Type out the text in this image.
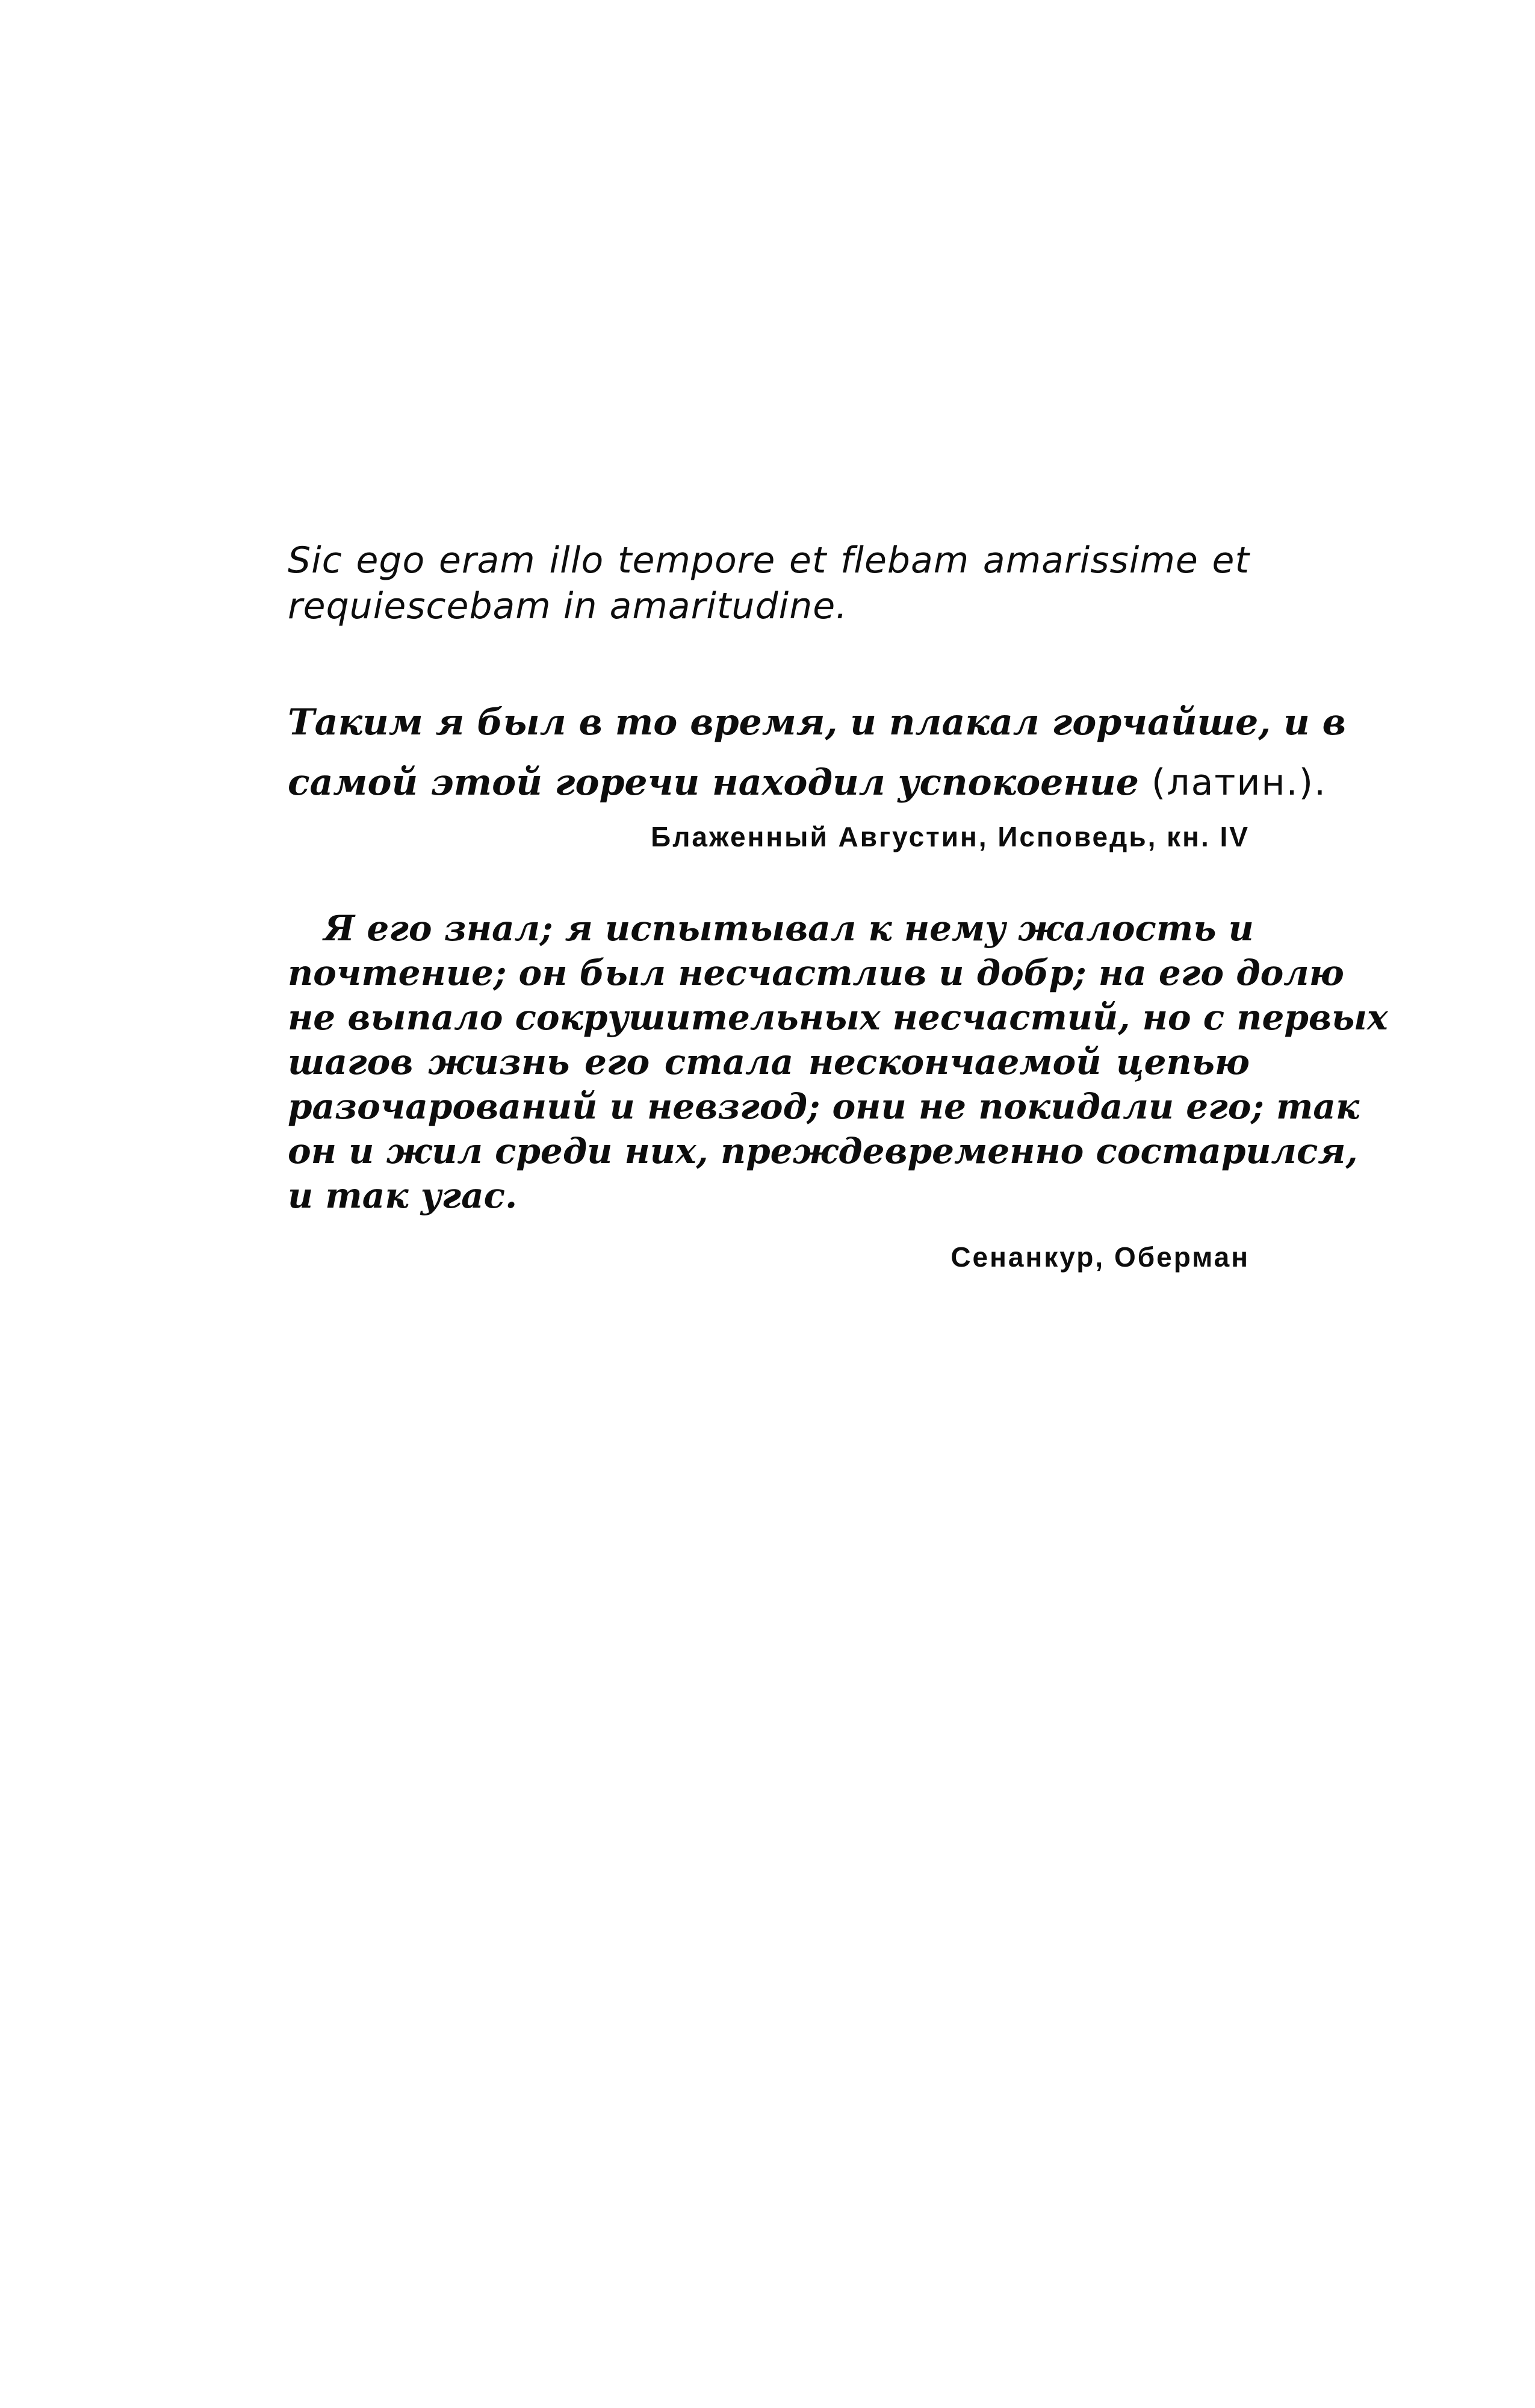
Sic ego eram illo tempore et flebam amarissime et
requiescebam in amaritudine.
Таким я был в то время, и плакал горчайше, и в
самой этой горечи находил успокоение (латин.).
Блаженный Августин, Исповедь, кн. IV
Я его знал; я испытывал к нему жалость и
почтение; он был несчастлив и добр; на его долю
не выпало сокрушительных несчастий, но с первых
шагов жизнь его стала нескончаемой цепью
разочарований и невзгод; они не покидали его; так
он и жил среди них, преждевременно состарился,
и так угас.
Сенанкур, Оберман
